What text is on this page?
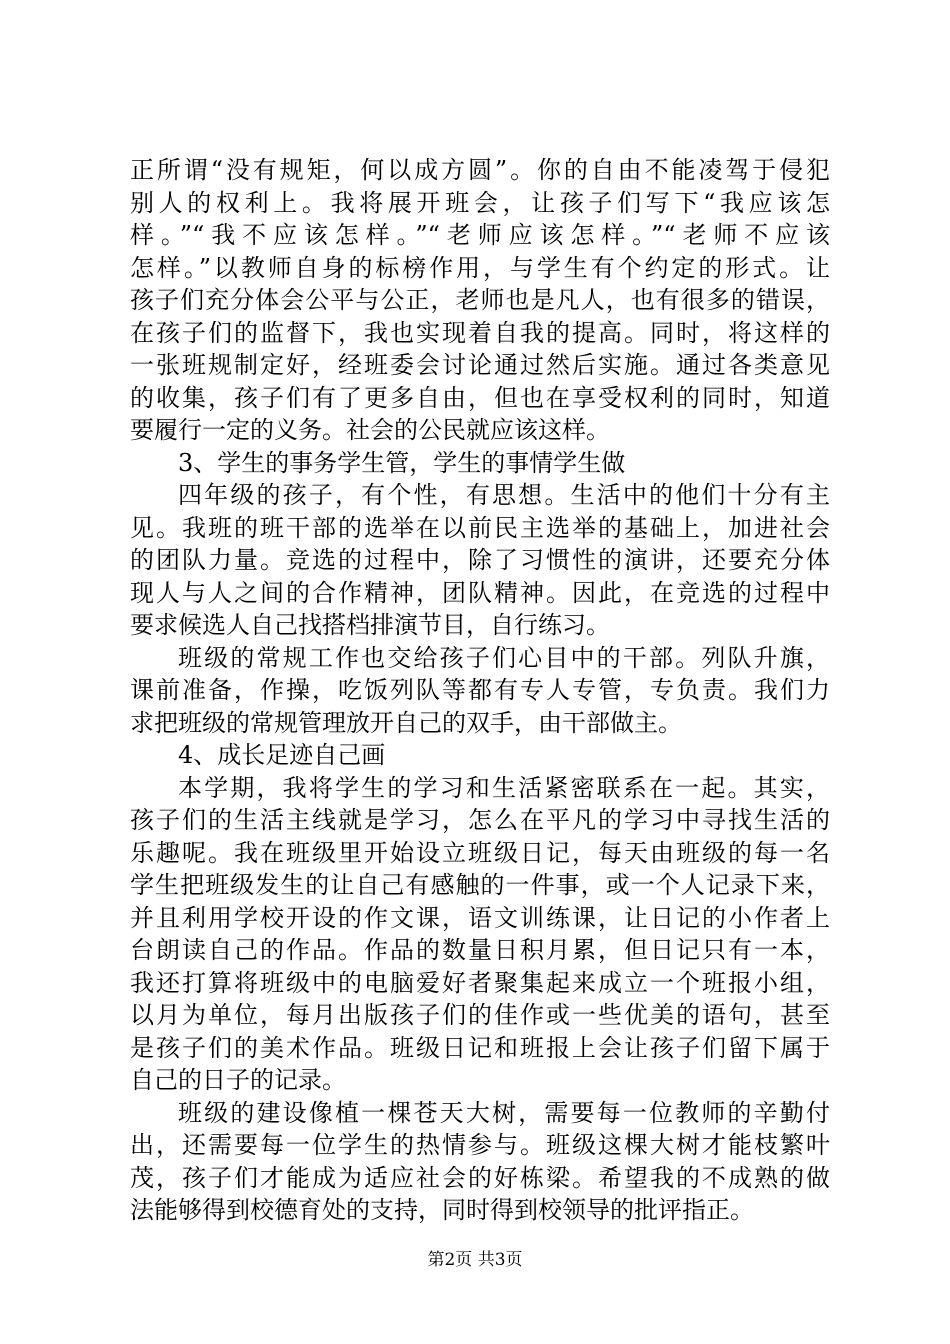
正所谓“没有规矩，何以成方圆”。你的自由不能凌驾于侵犯
别人的权利上。我将展开班会，让孩子们写下“我应该怎
样。”“我不应该怎样。”“老师应该怎样。”“老师不应该
怎样。”以教师自身的标榜作用，与学生有个约定的形式。让
孩子们充分体会公平与公正，老师也是凡人，也有很多的错误，
在孩子们的监督下，我也实现着自我的提高。同时，将这样的
一张班规制定好，经班委会讨论通过然后实施。通过各类意见
的收集，孩子们有了更多自由，但也在享受权利的同时，知道
要履行一定的义务。社会的公民就应该这样。
3、学生的事务学生管，学生的事情学生做
四年级的孩子，有个性，有思想。生活中的他们十分有主
见。我班的班干部的选举在以前民主选举的基础上，加进社会
的团队力量。竞选的过程中，除了习惯性的演讲，还要充分体
现人与人之间的合作精神，团队精神。因此，在竞选的过程中
要求候选人自己找搭档排演节目，自行练习。
班级的常规工作也交给孩子们心目中的干部。列队升旗，
课前准备，作操，吃饭列队等都有专人专管，专负责。我们力
求把班级的常规管理放开自己的双手，由干部做主。
4、成长足迹自己画
本学期，我将学生的学习和生活紧密联系在一起。其实，
孩子们的生活主线就是学习，怎么在平凡的学习中寻找生活的
乐趣呢。我在班级里开始设立班级日记，每天由班级的每一名
学生把班级发生的让自己有感触的一件事，或一个人记录下来，
并且利用学校开设的作文课，语文训练课，让日记的小作者上
台朗读自己的作品。作品的数量日积月累，但日记只有一本，
我还打算将班级中的电脑爱好者聚集起来成立一个班报小组，
以月为单位，每月出版孩子们的佳作或一些优美的语句，甚至
是孩子们的美术作品。班级日记和班报上会让孩子们留下属于
自己的日子的记录。
班级的建设像植一棵苍天大树，需要每一位教师的辛勤付
出，还需要每一位学生的热情参与。班级这棵大树才能枝繁叶
茂，孩子们才能成为适应社会的好栋梁。希望我的不成熟的做
法能够得到校德育处的支持，同时得到校领导的批评指正。
第2页 共3页
